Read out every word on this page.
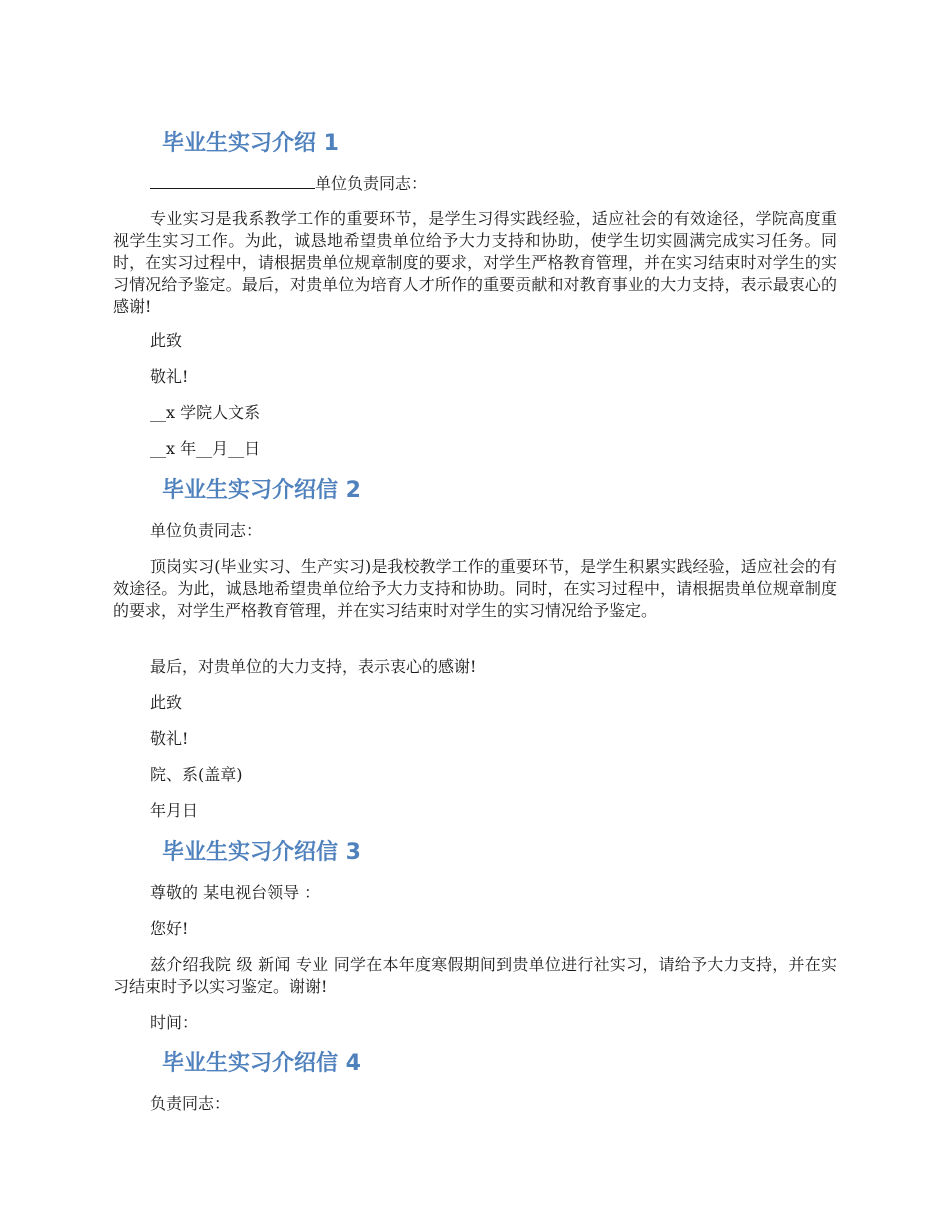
毕业生实习介绍 1

单位负责同志：

专业实习是我系教学工作的重要环节，是学生习得实践经验，适应社会的有效途径，学院高度重视学生实习工作。为此，诚恳地希望贵单位给予大力支持和协助，使学生切实圆满完成实习任务。同时，在实习过程中，请根据贵单位规章制度的要求，对学生严格教育管理，并在实习结束时对学生的实习情况给予鉴定。最后，对贵单位为培育人才所作的重要贡献和对教育事业的大力支持，表示最衷心的感谢!

此致

敬礼!

__x 学院人文系

__x 年__月__日

毕业生实习介绍信 2

单位负责同志：

顶岗实习(毕业实习、生产实习)是我校教学工作的重要环节，是学生积累实践经验，适应社会的有效途径。为此，诚恳地希望贵单位给予大力支持和协助。同时，在实习过程中，请根据贵单位规章制度的要求，对学生严格教育管理，并在实习结束时对学生的实习情况给予鉴定。

最后，对贵单位的大力支持，表示衷心的感谢!

此致

敬礼!

院、系(盖章)

年月日

毕业生实习介绍信 3

尊敬的 某电视台领导 ：

您好!

兹介绍我院 级 新闻 专业 同学在本年度寒假期间到贵单位进行社实习，请给予大力支持，并在实习结束时予以实习鉴定。谢谢!

时间：

毕业生实习介绍信 4

负责同志：
